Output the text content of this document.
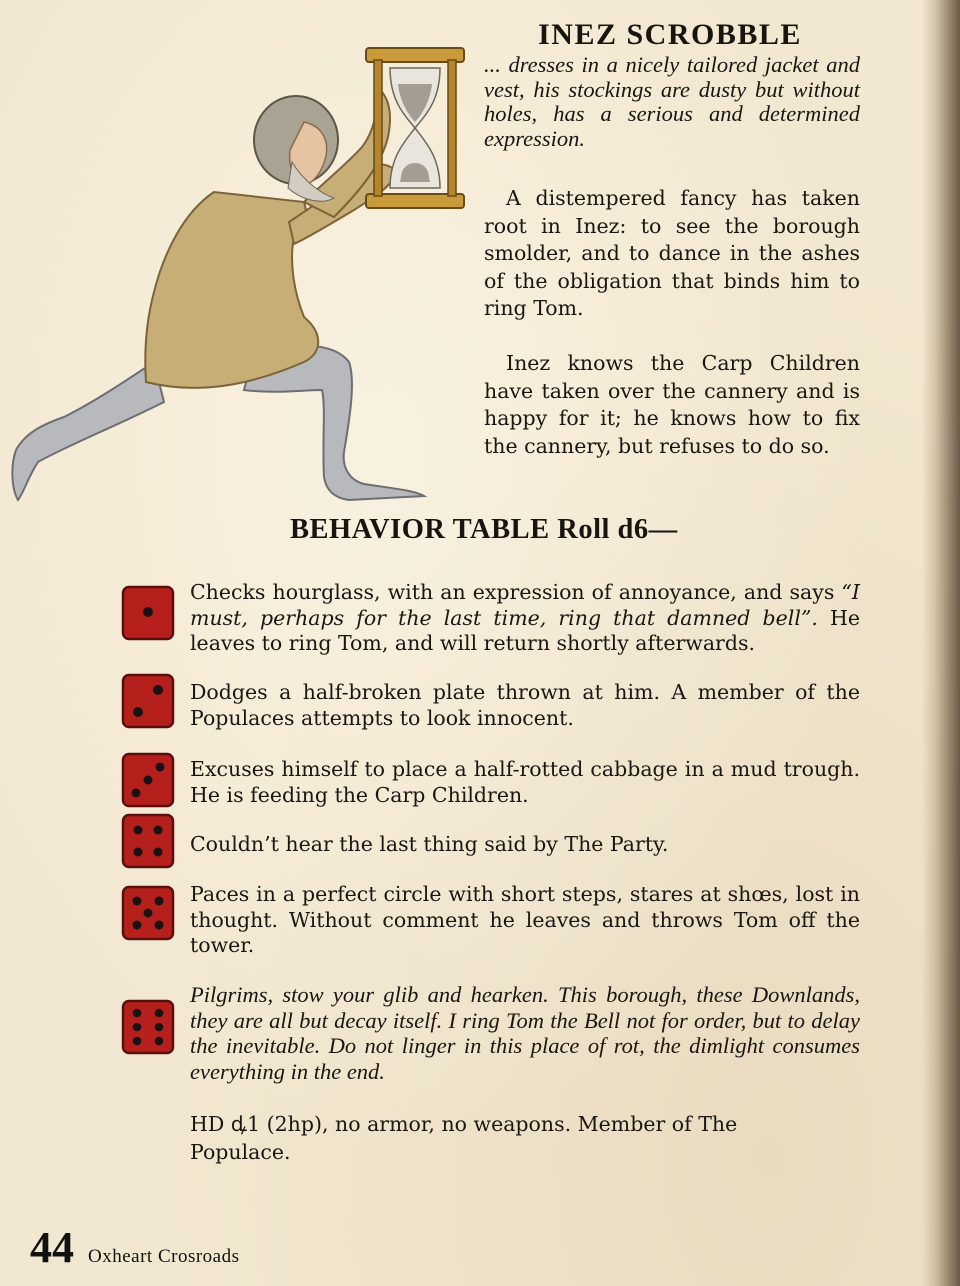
INEZ SCROBBLE

... dresses in a nicely tailored jacket and vest, his stockings are dusty but without holes, has a serious and determined expression.

A distempered fancy has taken root in Inez: to see the borough smolder, and to dance in the ashes of the obligation that binds him to ring Tom.

Inez knows the Carp Children have taken over the cannery and is happy for it; he knows how to fix the cannery, but refuses to do so.

BEHAVIOR TABLE Roll d6—

Checks hourglass, with an expression of annoyance, and says “I must, perhaps for the last time, ring that damned bell”. He leaves to ring Tom, and will return shortly afterwards.

Dodges a half-broken plate thrown at him. A member of the Populaces attempts to look innocent.

Excuses himself to place a half-rotted cabbage in a mud trough. He is feeding the Carp Children.

Couldn’t hear the last thing said by The Party.

Paces in a perfect circle with short steps, stares at shœs, lost in thought. Without comment he leaves and throws Tom off the tower.

Pilgrims, stow your glib and hearken. This borough, these Downlands, they are all but decay itself. I ring Tom the Bell not for order, but to delay the inevitable. Do not linger in this place of rot, the dimlight consumes everything in the end.

HD ꝱ1 (2hp), no armor, no weapons. Member of The Populace.

44 Oxheart Crosroads
